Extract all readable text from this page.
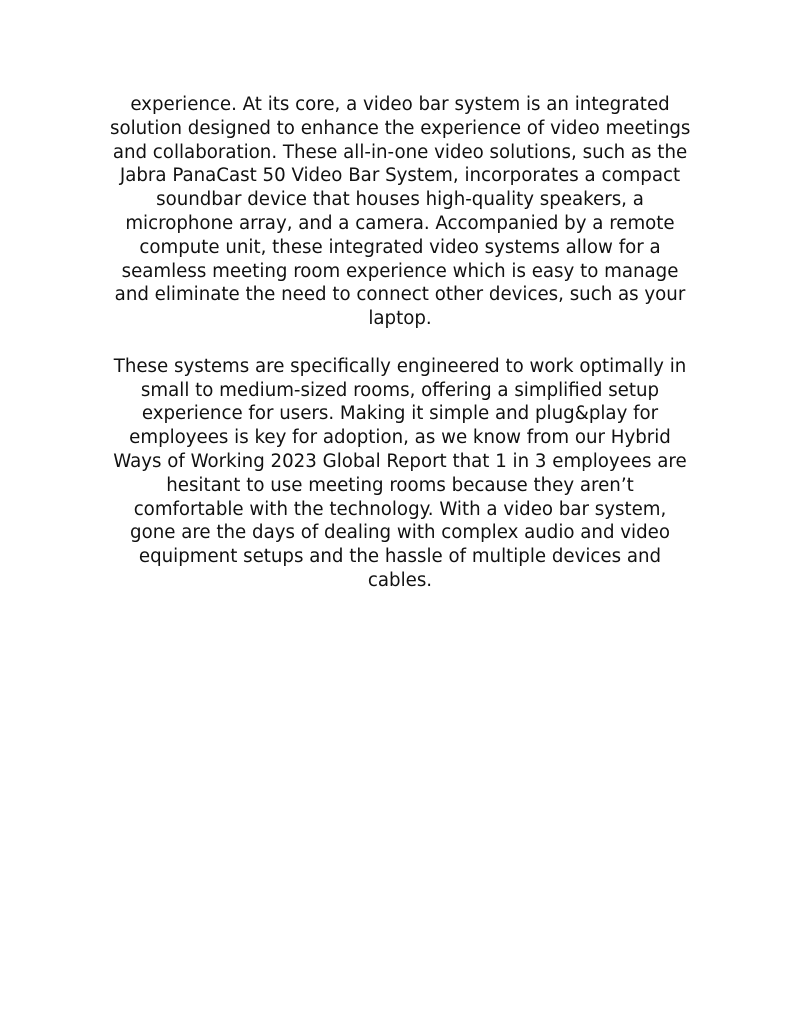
experience. At its core, a video bar system is an integrated
solution designed to enhance the experience of video meetings
and collaboration. These all-in-one video solutions, such as the
Jabra PanaCast 50 Video Bar System, incorporates a compact
soundbar device that houses high-quality speakers, a
microphone array, and a camera. Accompanied by a remote
compute unit, these integrated video systems allow for a
seamless meeting room experience which is easy to manage
and eliminate the need to connect other devices, such as your
laptop.

These systems are specifically engineered to work optimally in
small to medium-sized rooms, offering a simplified setup
experience for users. Making it simple and plug&play for
employees is key for adoption, as we know from our Hybrid
Ways of Working 2023 Global Report that 1 in 3 employees are
hesitant to use meeting rooms because they aren’t
comfortable with the technology. With a video bar system,
gone are the days of dealing with complex audio and video
equipment setups and the hassle of multiple devices and
cables.
